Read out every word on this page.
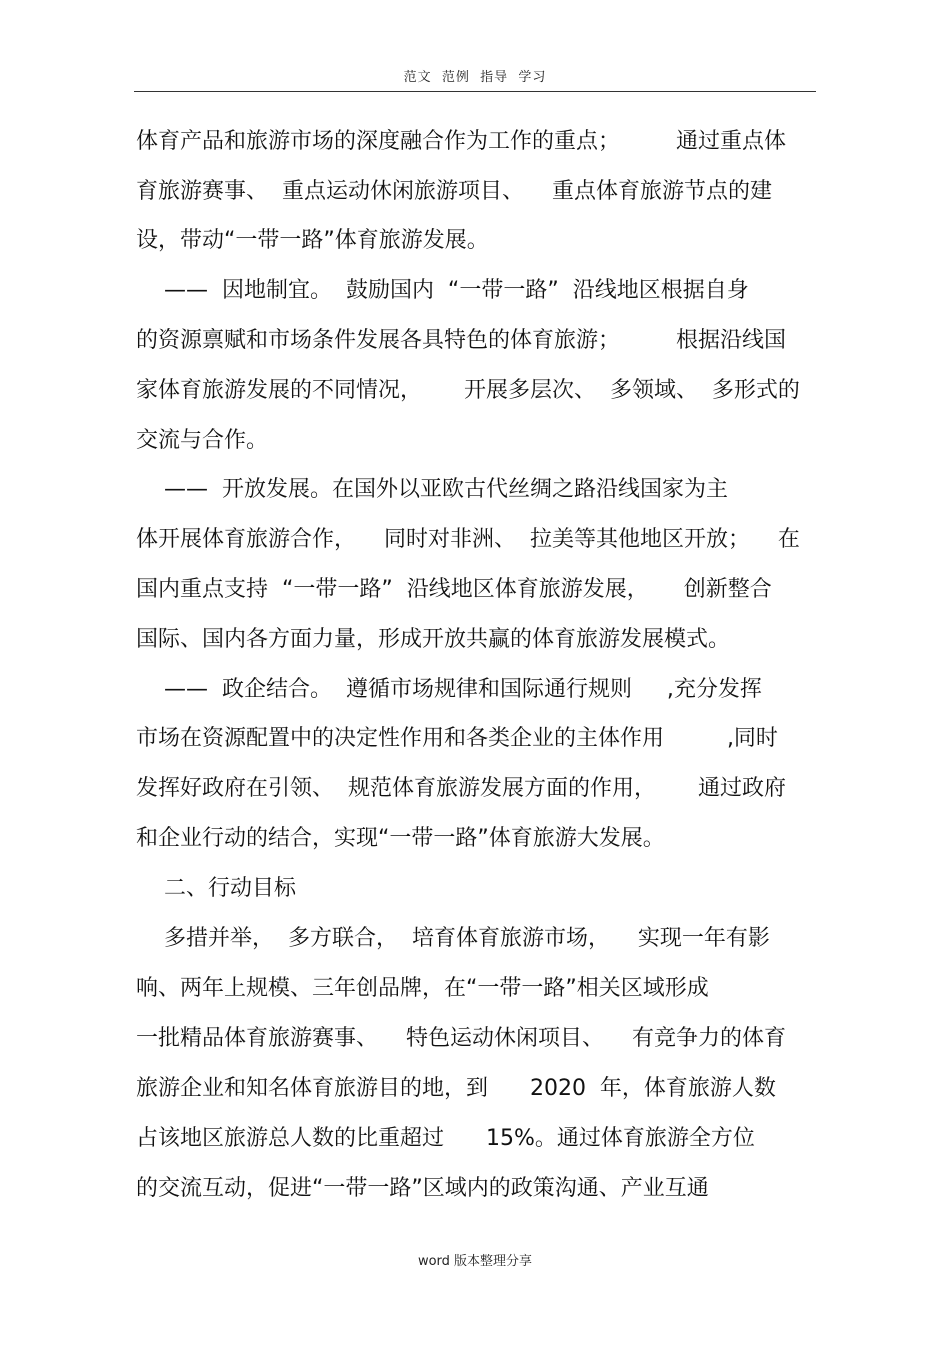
范文  范例  指导  学习
体育产品和旅游市场的深度融合作为工作的重点；        通过重点体
育旅游赛事、  重点运动休闲旅游项目、    重点体育旅游节点的建
设，带动“一带一路”体育旅游发展。
——  因地制宜。  鼓励国内  “一带一路”  沿线地区根据自身
的资源禀赋和市场条件发展各具特色的体育旅游；        根据沿线国
家体育旅游发展的不同情况，      开展多层次、  多领域、  多形式的
交流与合作。
——  开放发展。在国外以亚欧古代丝绸之路沿线国家为主
体开展体育旅游合作，    同时对非洲、  拉美等其他地区开放；    在
国内重点支持  “一带一路”  沿线地区体育旅游发展，     创新整合
国际、国内各方面力量，形成开放共赢的体育旅游发展模式。
——  政企结合。  遵循市场规律和国际通行规则     ,充分发挥
市场在资源配置中的决定性作用和各类企业的主体作用         ,同时
发挥好政府在引领、  规范体育旅游发展方面的作用，      通过政府
和企业行动的结合，实现“一带一路”体育旅游大发展。
二、行动目标
多措并举，  多方联合，  培育体育旅游市场，    实现一年有影
响、两年上规模、三年创品牌，在“一带一路”相关区域形成
一批精品体育旅游赛事、    特色运动休闲项目、    有竞争力的体育
旅游企业和知名体育旅游目的地，到      2020  年，体育旅游人数
占该地区旅游总人数的比重超过      15%。通过体育旅游全方位
的交流互动，促进“一带一路”区域内的政策沟通、产业互通
word 版本整理分享
